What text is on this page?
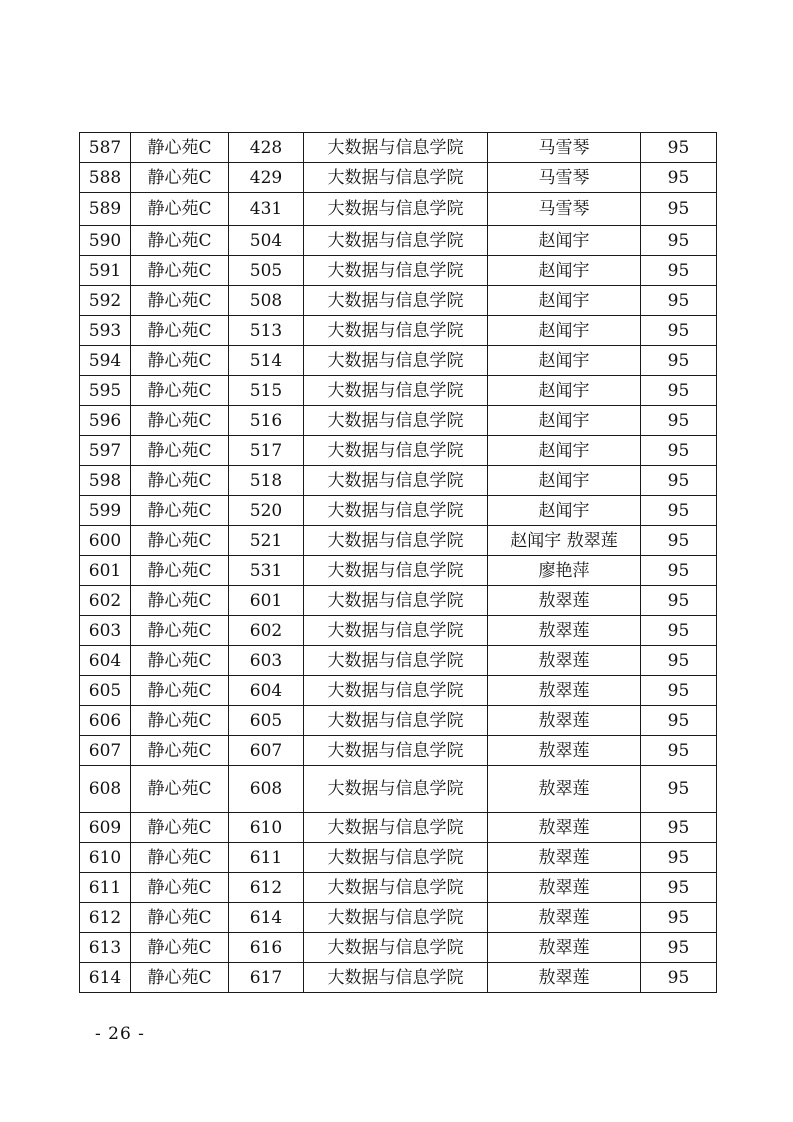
587	静心苑C	428	大数据与信息学院	马雪琴	95
588	静心苑C	429	大数据与信息学院	马雪琴	95
589	静心苑C	431	大数据与信息学院	马雪琴	95
590	静心苑C	504	大数据与信息学院	赵闻宇	95
591	静心苑C	505	大数据与信息学院	赵闻宇	95
592	静心苑C	508	大数据与信息学院	赵闻宇	95
593	静心苑C	513	大数据与信息学院	赵闻宇	95
594	静心苑C	514	大数据与信息学院	赵闻宇	95
595	静心苑C	515	大数据与信息学院	赵闻宇	95
596	静心苑C	516	大数据与信息学院	赵闻宇	95
597	静心苑C	517	大数据与信息学院	赵闻宇	95
598	静心苑C	518	大数据与信息学院	赵闻宇	95
599	静心苑C	520	大数据与信息学院	赵闻宇	95
600	静心苑C	521	大数据与信息学院	赵闻宇 敖翠莲	95
601	静心苑C	531	大数据与信息学院	廖艳萍	95
602	静心苑C	601	大数据与信息学院	敖翠莲	95
603	静心苑C	602	大数据与信息学院	敖翠莲	95
604	静心苑C	603	大数据与信息学院	敖翠莲	95
605	静心苑C	604	大数据与信息学院	敖翠莲	95
606	静心苑C	605	大数据与信息学院	敖翠莲	95
607	静心苑C	607	大数据与信息学院	敖翠莲	95
608	静心苑C	608	大数据与信息学院	敖翠莲	95
609	静心苑C	610	大数据与信息学院	敖翠莲	95
610	静心苑C	611	大数据与信息学院	敖翠莲	95
611	静心苑C	612	大数据与信息学院	敖翠莲	95
612	静心苑C	614	大数据与信息学院	敖翠莲	95
613	静心苑C	616	大数据与信息学院	敖翠莲	95
614	静心苑C	617	大数据与信息学院	敖翠莲	95
- 26 -
